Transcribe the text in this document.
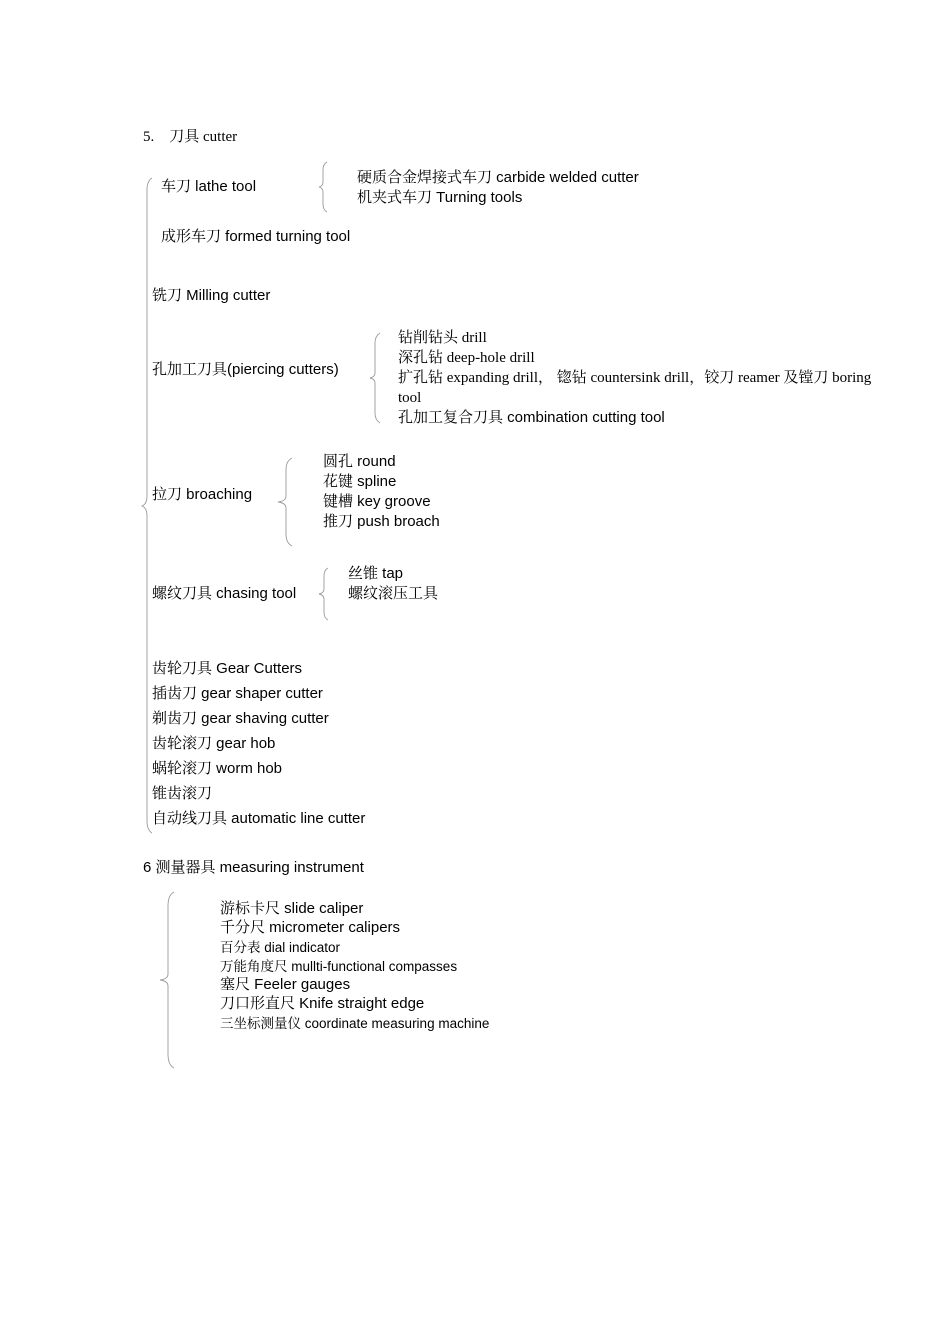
5.　刀具 cutter
车刀 lathe tool
硬质合金焊接式车刀 carbide welded cutter
机夹式车刀 Turning tools
成形车刀 formed turning tool
铣刀 Milling cutter
孔加工刀具(piercing cutters)
钻削钻头 drill
深孔钻 deep-hole drill
扩孔钻 expanding drill， 锪钻 countersink drill，铰刀 reamer 及镗刀 boring
tool
孔加工复合刀具 combination cutting tool
拉刀 broaching
圆孔 round
花键 spline
键槽 key groove
推刀 push broach
螺纹刀具 chasing tool
丝锥 tap
螺纹滚压工具
齿轮刀具 Gear Cutters
插齿刀 gear shaper cutter
剃齿刀 gear shaving cutter
齿轮滚刀 gear hob
蜗轮滚刀 worm hob
锥齿滚刀
自动线刀具 automatic line cutter
6 测量器具 measuring instrument
游标卡尺 slide caliper
千分尺 micrometer calipers
百分表 dial indicator
万能角度尺 mullti-functional compasses
塞尺 Feeler gauges
刀口形直尺 Knife straight edge
三坐标测量仪 coordinate measuring machine
